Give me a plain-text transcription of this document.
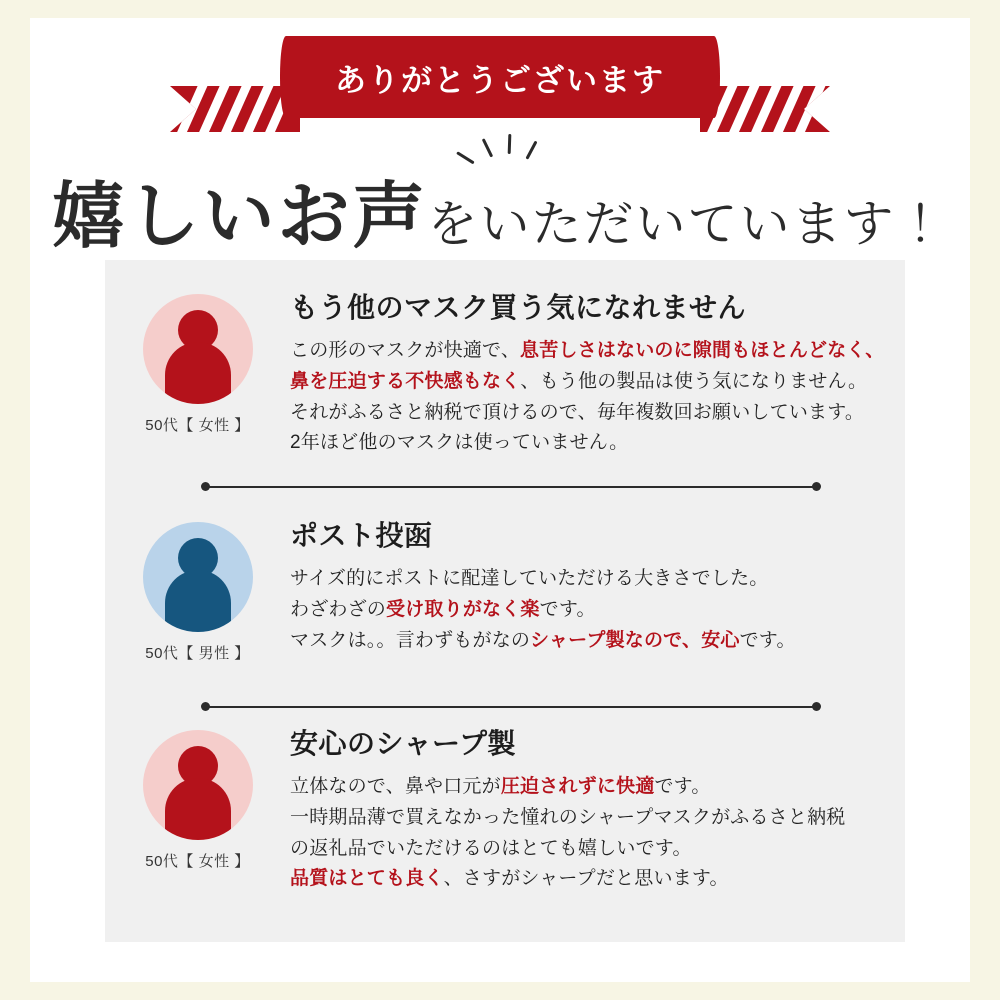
ありがとうございます
嬉しいお声をいただいています！
50代【 女性 】
もう他のマスク買う気になれません
この形のマスクが快適で、息苦しさはないのに隙間もほとんどなく、
鼻を圧迫する不快感もなく、もう他の製品は使う気になりません。
それがふるさと納税で頂けるので、毎年複数回お願いしています。
2年ほど他のマスクは使っていません。
50代【 男性 】
ポスト投函
サイズ的にポストに配達していただける大きさでした。
わざわざの受け取りがなく楽です。
マスクは。。言わずもがなのシャープ製なので、安心です。
50代【 女性 】
安心のシャープ製
立体なので、鼻や口元が圧迫されずに快適です。
一時期品薄で買えなかった憧れのシャープマスクがふるさと納税
の返礼品でいただけるのはとても嬉しいです。
品質はとても良く、さすがシャープだと思います。
